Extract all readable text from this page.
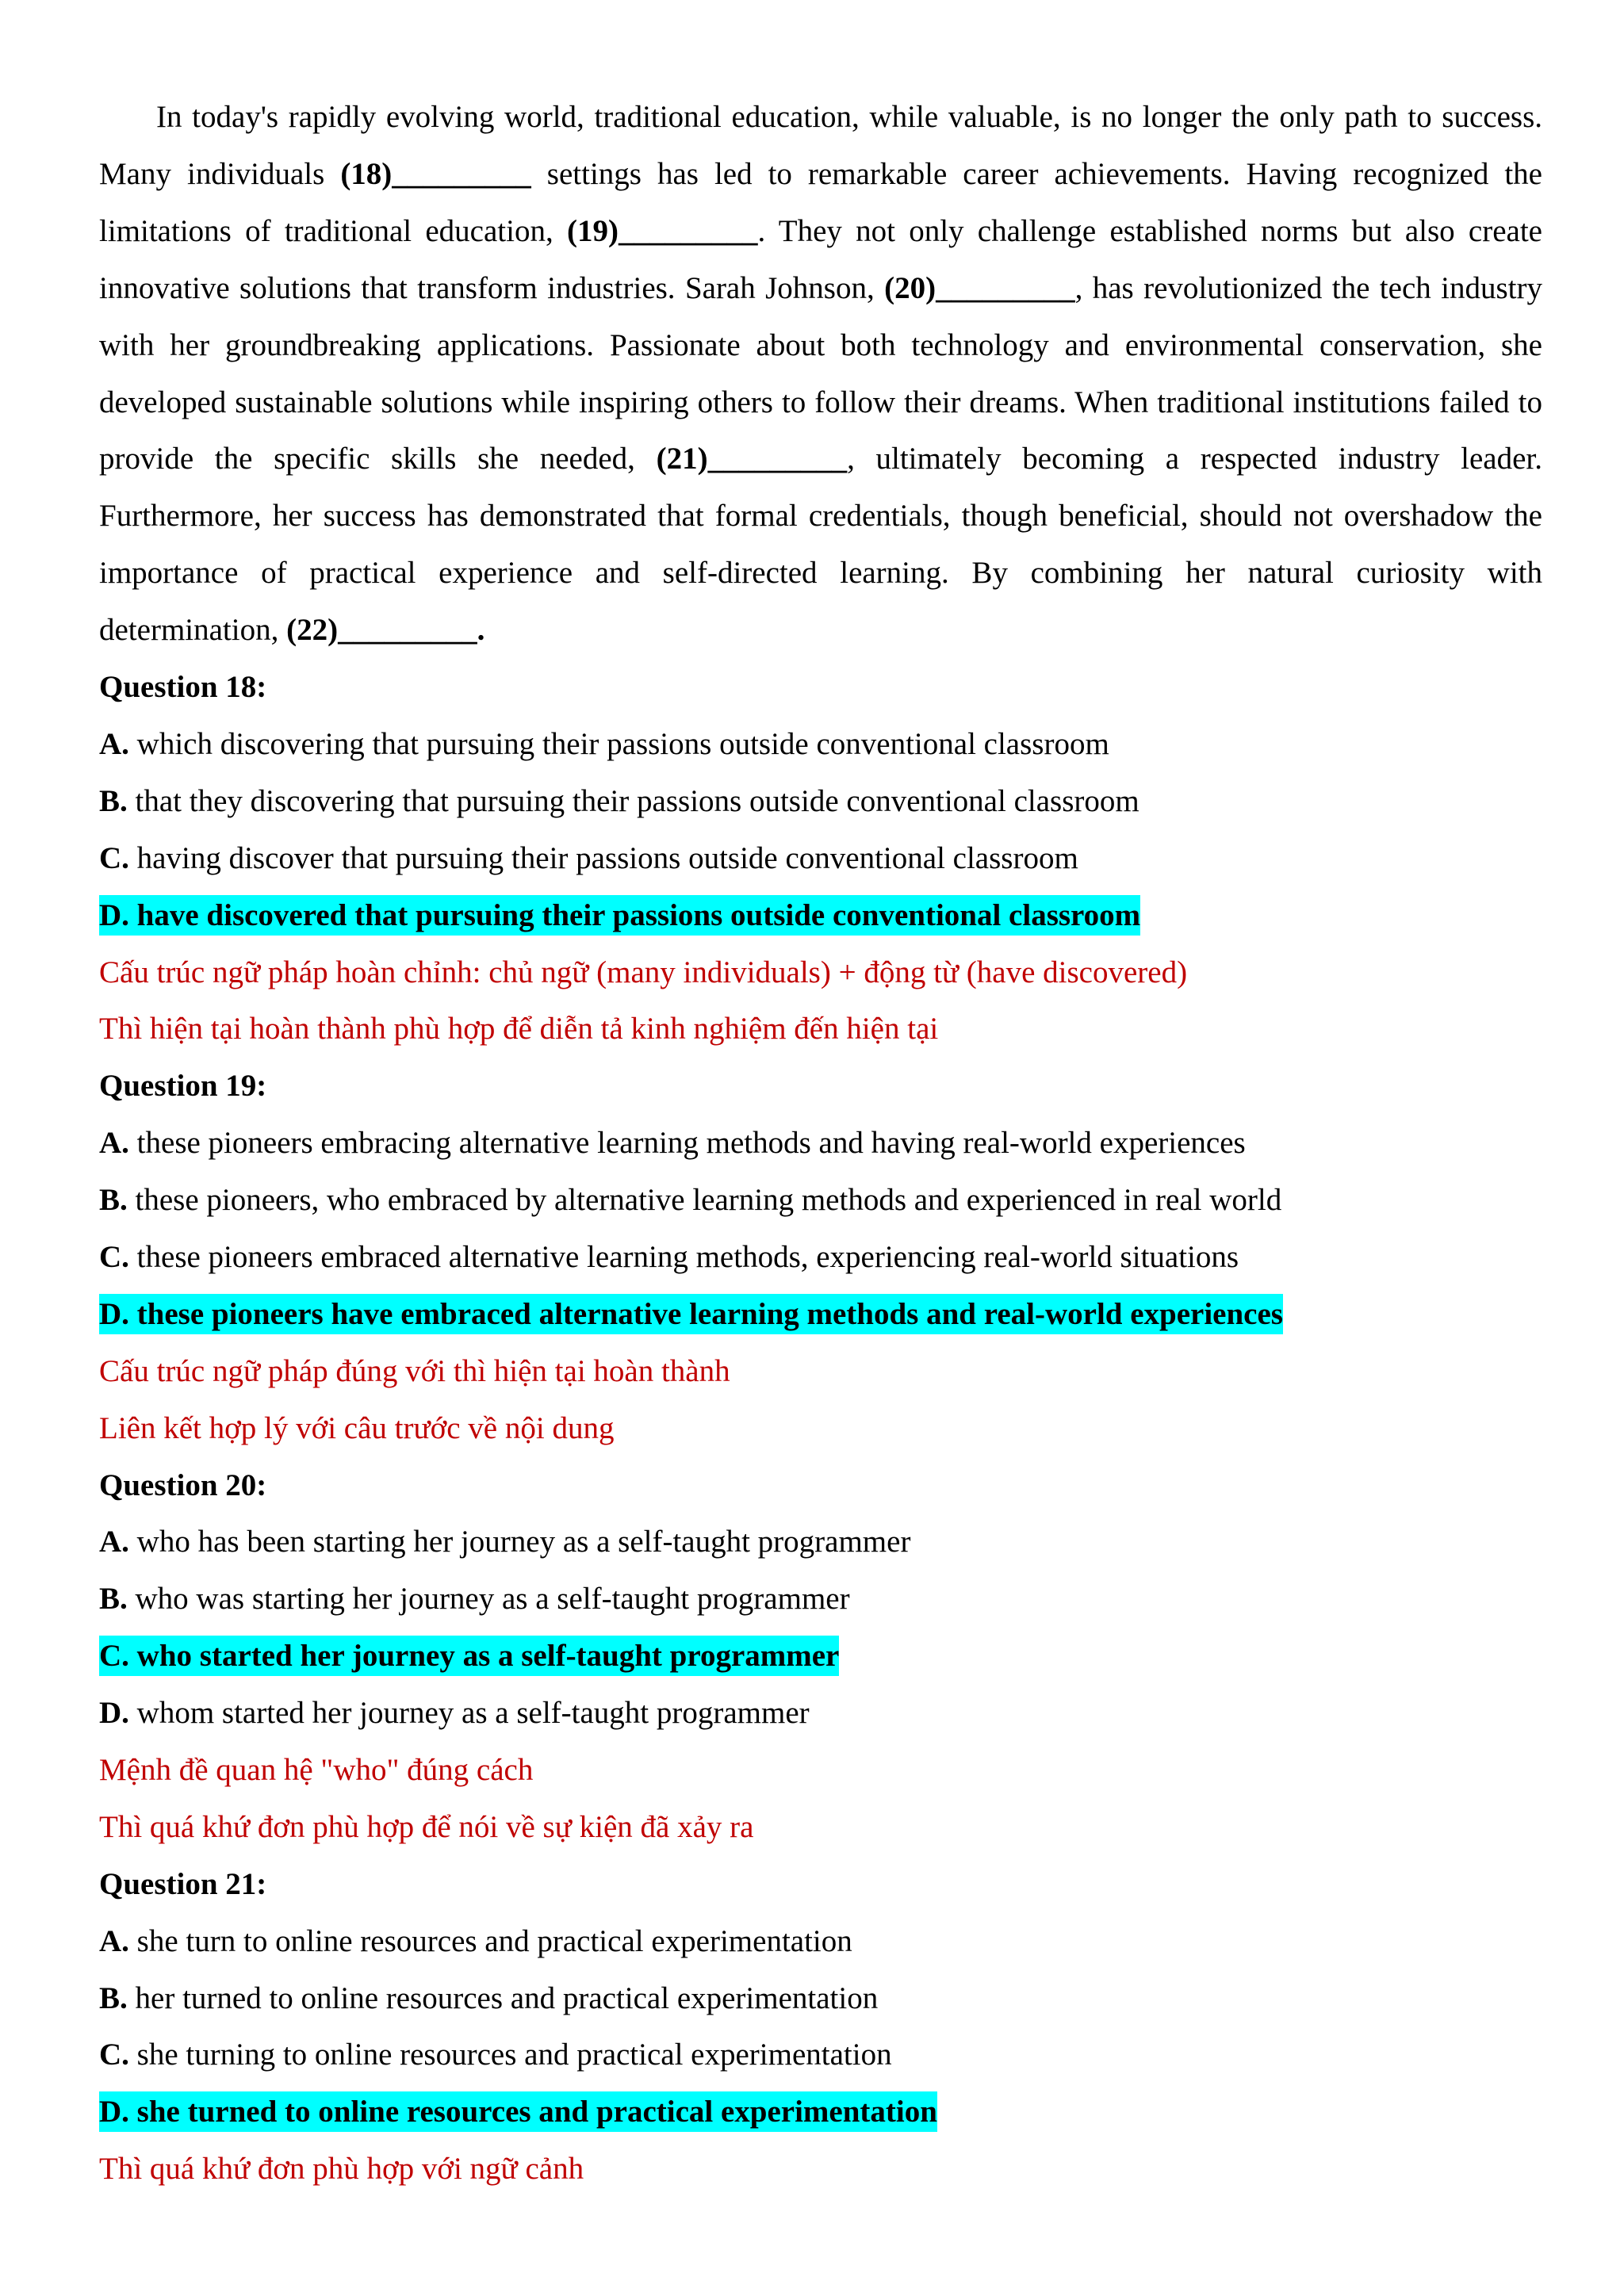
In today's rapidly evolving world, traditional education, while valuable, is no longer the only path to success. Many individuals (18)_________ settings has led to remarkable career achievements. Having recognized the limitations of traditional education, (19)_________. They not only challenge established norms but also create innovative solutions that transform industries. Sarah Johnson, (20)_________, has revolutionized the tech industry with her groundbreaking applications. Passionate about both technology and environmental conservation, she developed sustainable solutions while inspiring others to follow their dreams. When traditional institutions failed to provide the specific skills she needed, (21)_________, ultimately becoming a respected industry leader. Furthermore, her success has demonstrated that formal credentials, though beneficial, should not overshadow the importance of practical experience and self-directed learning. By combining her natural curiosity with determination, (22)_________.

Question 18:
A. which discovering that pursuing their passions outside conventional classroom
B. that they discovering that pursuing their passions outside conventional classroom
C. having discover that pursuing their passions outside conventional classroom
D. have discovered that pursuing their passions outside conventional classroom
Cấu trúc ngữ pháp hoàn chỉnh: chủ ngữ (many individuals) + động từ (have discovered)
Thì hiện tại hoàn thành phù hợp để diễn tả kinh nghiệm đến hiện tại
Question 19:
A. these pioneers embracing alternative learning methods and having real-world experiences
B. these pioneers, who embraced by alternative learning methods and experienced in real world
C. these pioneers embraced alternative learning methods, experiencing real-world situations
D. these pioneers have embraced alternative learning methods and real-world experiences
Cấu trúc ngữ pháp đúng với thì hiện tại hoàn thành
Liên kết hợp lý với câu trước về nội dung
Question 20:
A. who has been starting her journey as a self-taught programmer
B. who was starting her journey as a self-taught programmer
C. who started her journey as a self-taught programmer
D. whom started her journey as a self-taught programmer
Mệnh đề quan hệ "who" đúng cách
Thì quá khứ đơn phù hợp để nói về sự kiện đã xảy ra
Question 21:
A. she turn to online resources and practical experimentation
B. her turned to online resources and practical experimentation
C. she turning to online resources and practical experimentation
D. she turned to online resources and practical experimentation
Thì quá khứ đơn phù hợp với ngữ cảnh
